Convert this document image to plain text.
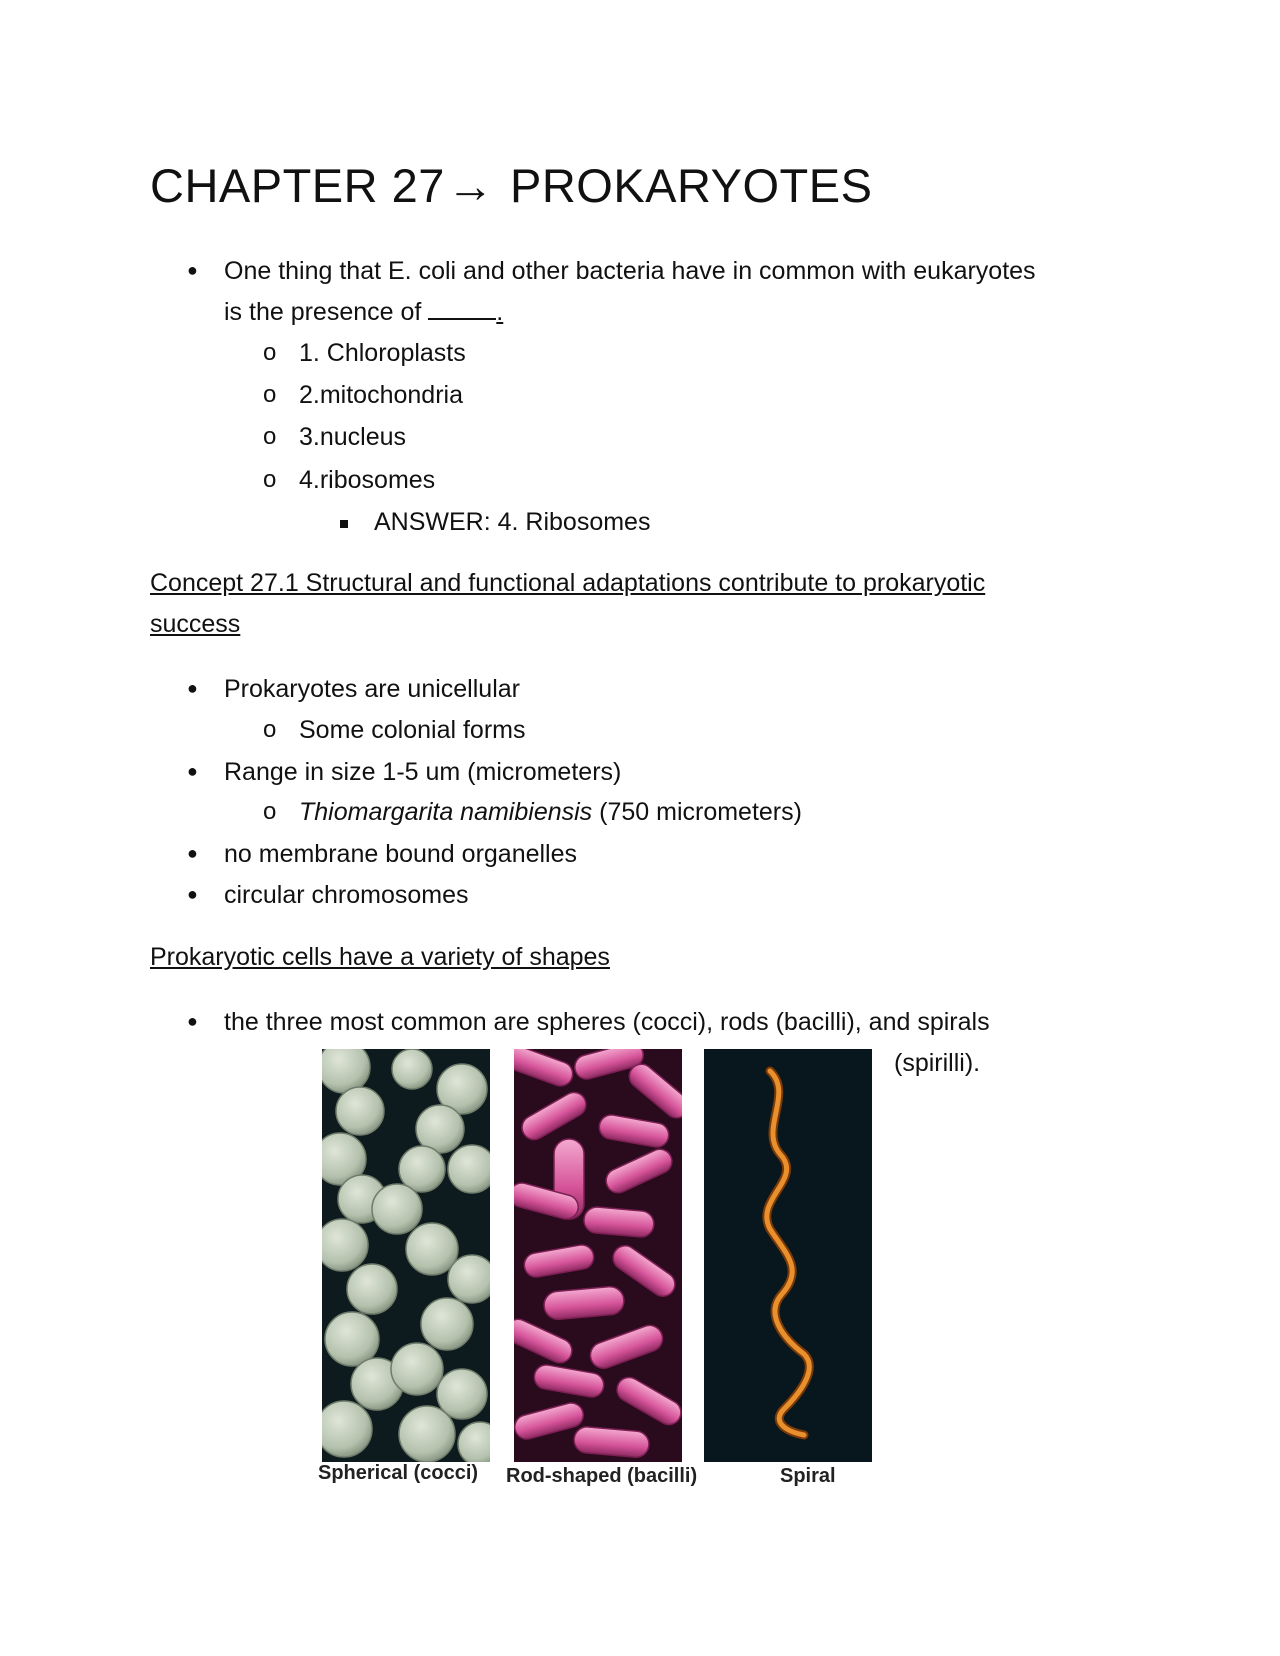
CHAPTER 27→ PROKARYOTES
● One thing that E. coli and other bacteria have in common with eukaryotes
is the presence of	.
o 1. Chloroplasts
o 2.mitochondria
o 3.nucleus
o 4.ribosomes
ANSWER: 4. Ribosomes
Concept 27.1 Structural and functional adaptations contribute to prokaryotic
success
● Prokaryotes are unicellular
o Some colonial forms
● Range in size 1-5 um (micrometers)
o Thiomargarita namibiensis (750 micrometers)
● no membrane bound organelles
● circular chromosomes
Prokaryotic cells have a variety of shapes
● the three most common are spheres (cocci), rods (bacilli), and spirals
(spirilli).
Spherical (cocci) Rod-shaped (bacilli)	Spiral
